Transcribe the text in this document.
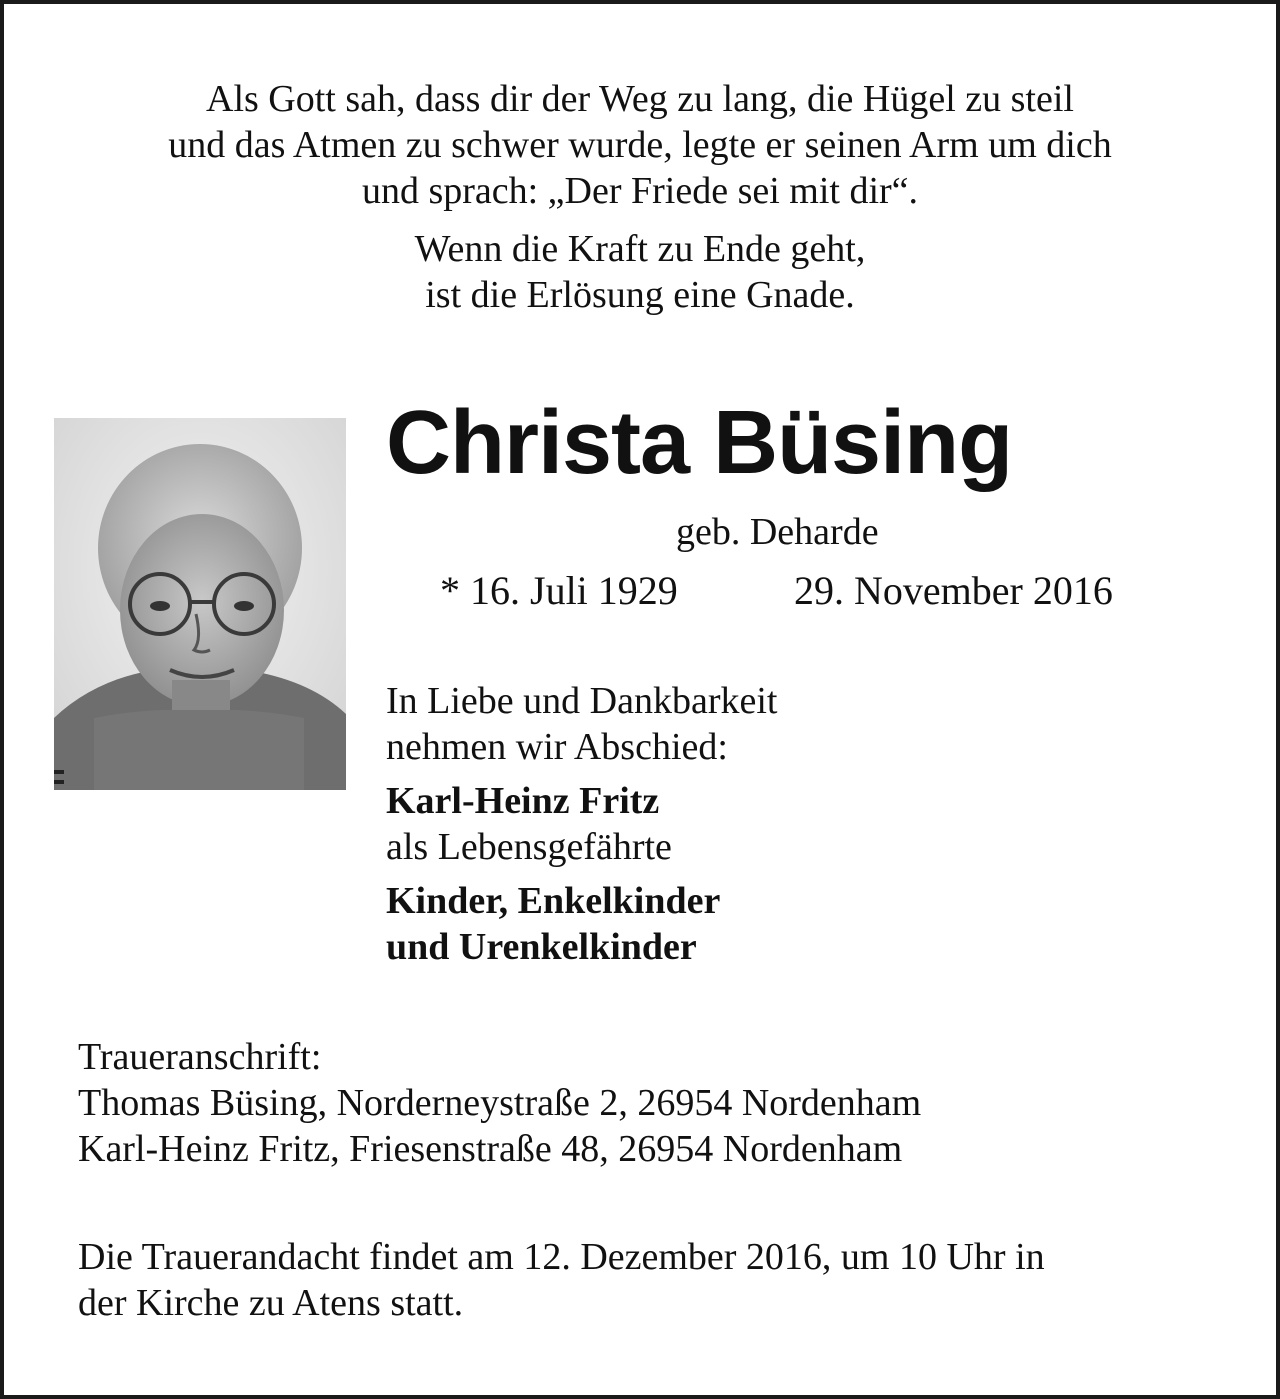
Als Gott sah, dass dir der Weg zu lang, die Hügel zu steil
und das Atmen zu schwer wurde, legte er seinen Arm um dich
und sprach: „Der Friede sei mit dir“.
Wenn die Kraft zu Ende geht,
ist die Erlösung eine Gnade.
Christa Büsing
geb. Deharde
* 16. Juli 1929	29. November 2016
In Liebe und Dankbarkeit
nehmen wir Abschied:
Karl-Heinz Fritz
als Lebensgefährte
Kinder, Enkelkinder
und Urenkelkinder
Traueranschrift:
Thomas Büsing, Norderneystraße 2, 26954 Nordenham
Karl-Heinz Fritz, Friesenstraße 48, 26954 Nordenham
Die Trauerandacht findet am 12. Dezember 2016, um 10 Uhr in
der Kirche zu Atens statt.
